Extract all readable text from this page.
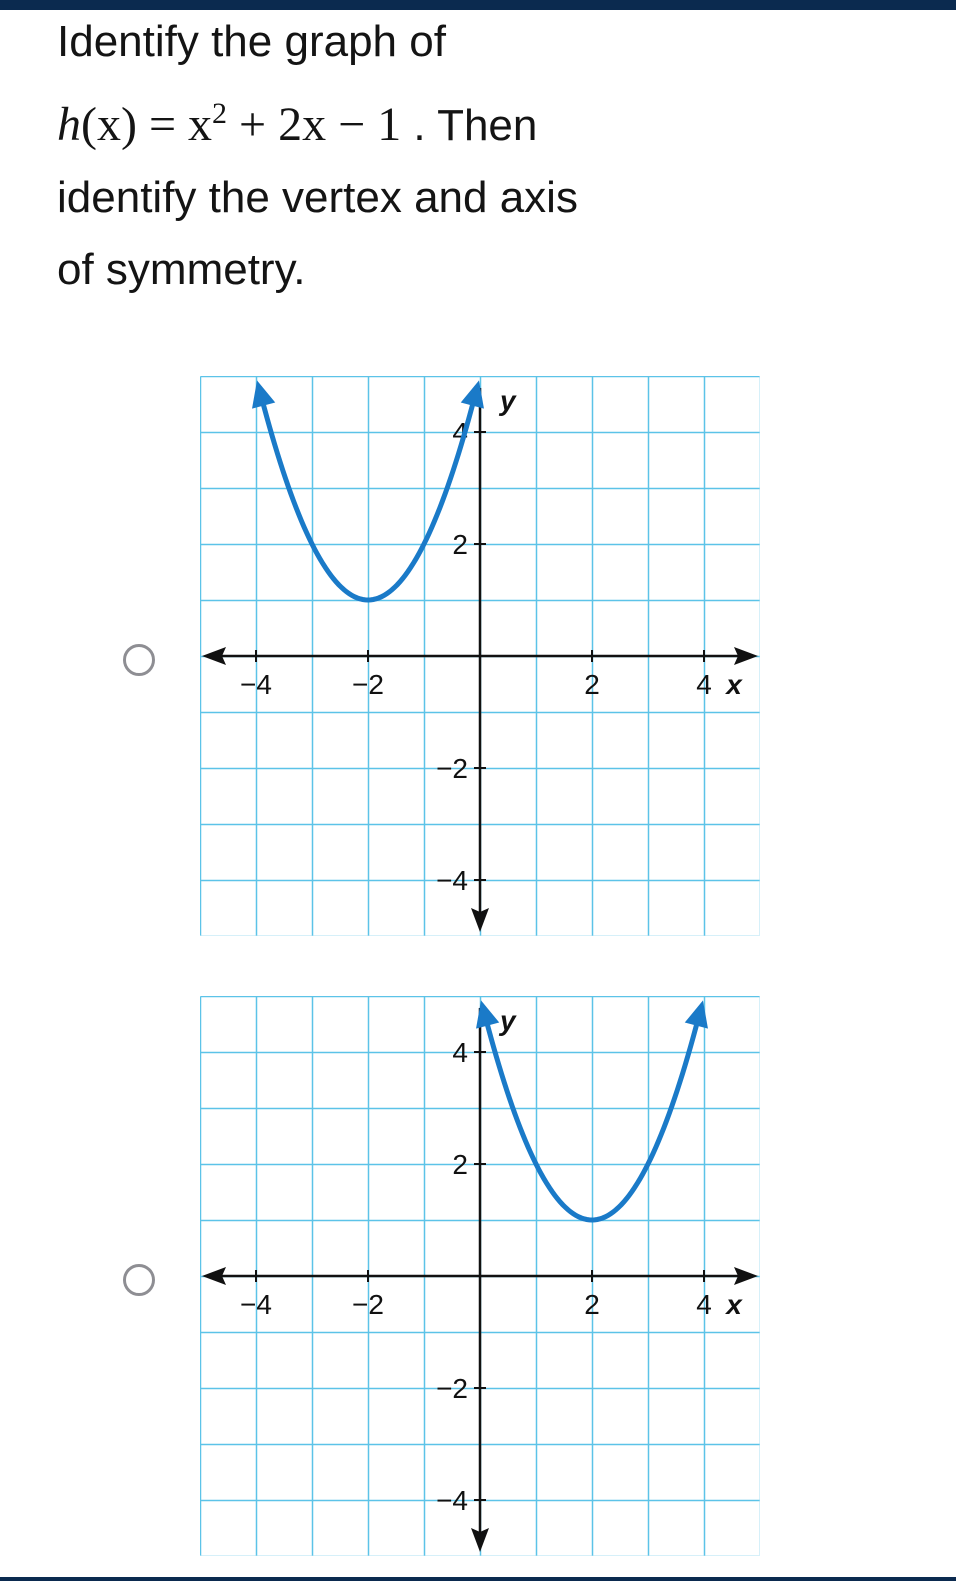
Identify the graph of
$h(x) = x^2 + 2x - 1$ . Then
identify the vertex and axis
of symmetry.
−4	−2	2	4
4
2
−2
−4
x
y
−4	−2	2	4
4
2
−2
−4
x
y
